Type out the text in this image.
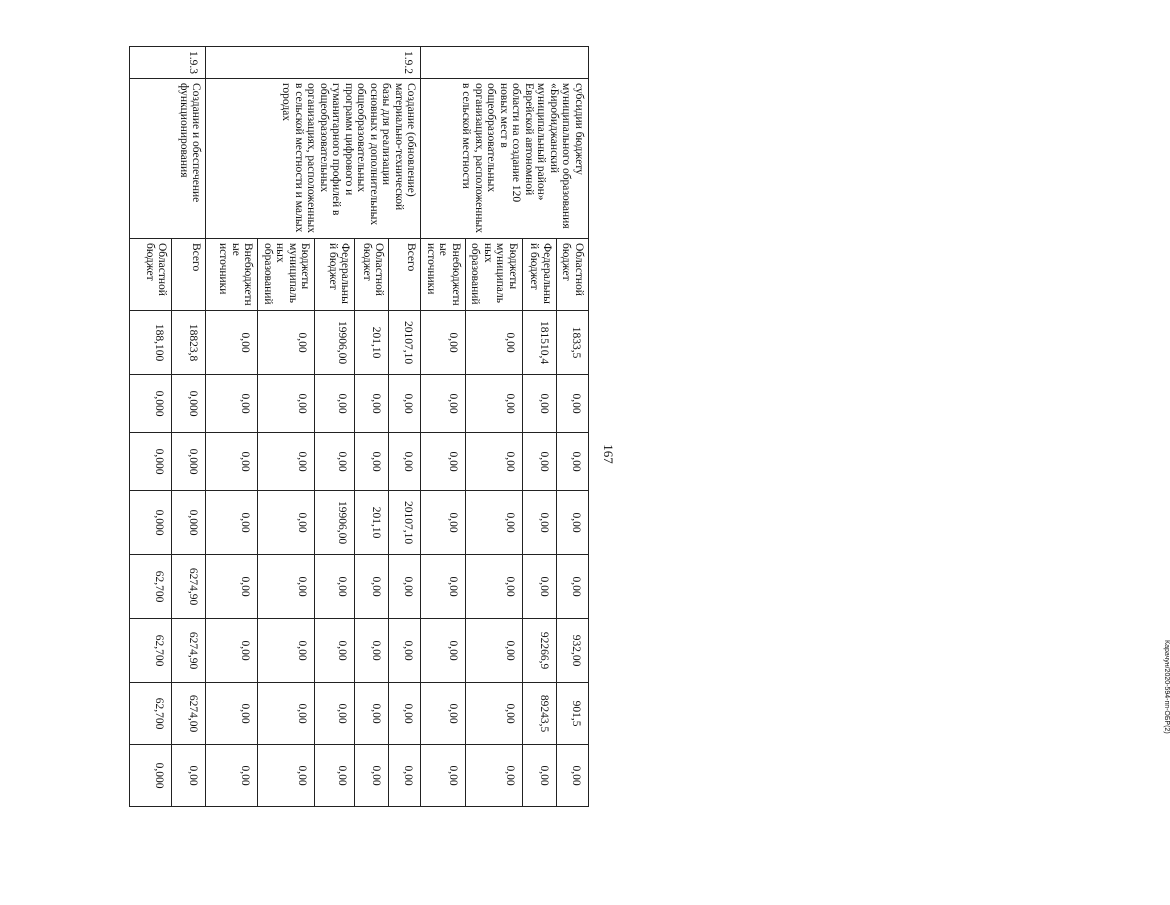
167
	субсидии бюджету муниципального образования «Биробиджанский муниципальный район» Еврейской автономной области на создание 120 новых мест в общеобразовательных организациях, расположенных в сельской местности	Областной бюджет	1833,5	0,00	0,00	0,00	0,00	932,00	901,5	0,00
		Федеральный бюджет	181510,4	0,00	0,00	0,00	0,00	92266,9	89243,5	0,00
		Бюджеты муниципальных образований	0,00	0,00	0,00	0,00	0,00	0,00	0,00	0,00
		Внебюджетные источники	0,00	0,00	0,00	0,00	0,00	0,00	0,00	0,00
1.9.2	Создание (обновление) материально-технической базы для реализации основных и дополнительных общеобразовательных программ цифрового и гуманитарного профилей в общеобразовательных организациях, расположенных в сельской местности и малых городах	Всего	20107,10	0,00	0,00	20107,10	0,00	0,00	0,00	0,00
		Областной бюджет	201,10	0,00	0,00	201,10	0,00	0,00	0,00	0,00
		Федеральный бюджет	19906,00	0,00	0,00	19906,00	0,00	0,00	0,00	0,00
		Бюджеты муниципальных образований	0,00	0,00	0,00	0,00	0,00	0,00	0,00	0,00
		Внебюджетные источники	0,00	0,00	0,00	0,00	0,00	0,00	0,00	0,00
1.9.3	Создание и обеспечение функционирования	Всего	18823,8	0,000	0,000	0,000	6274,90	6274,90	6274,00	0,00
		Областной бюджет	188,100	0,000	0,000	0,000	62,700	62,700	62,700	0,000
Карачун/2020-594-пп-ОБР(2)
